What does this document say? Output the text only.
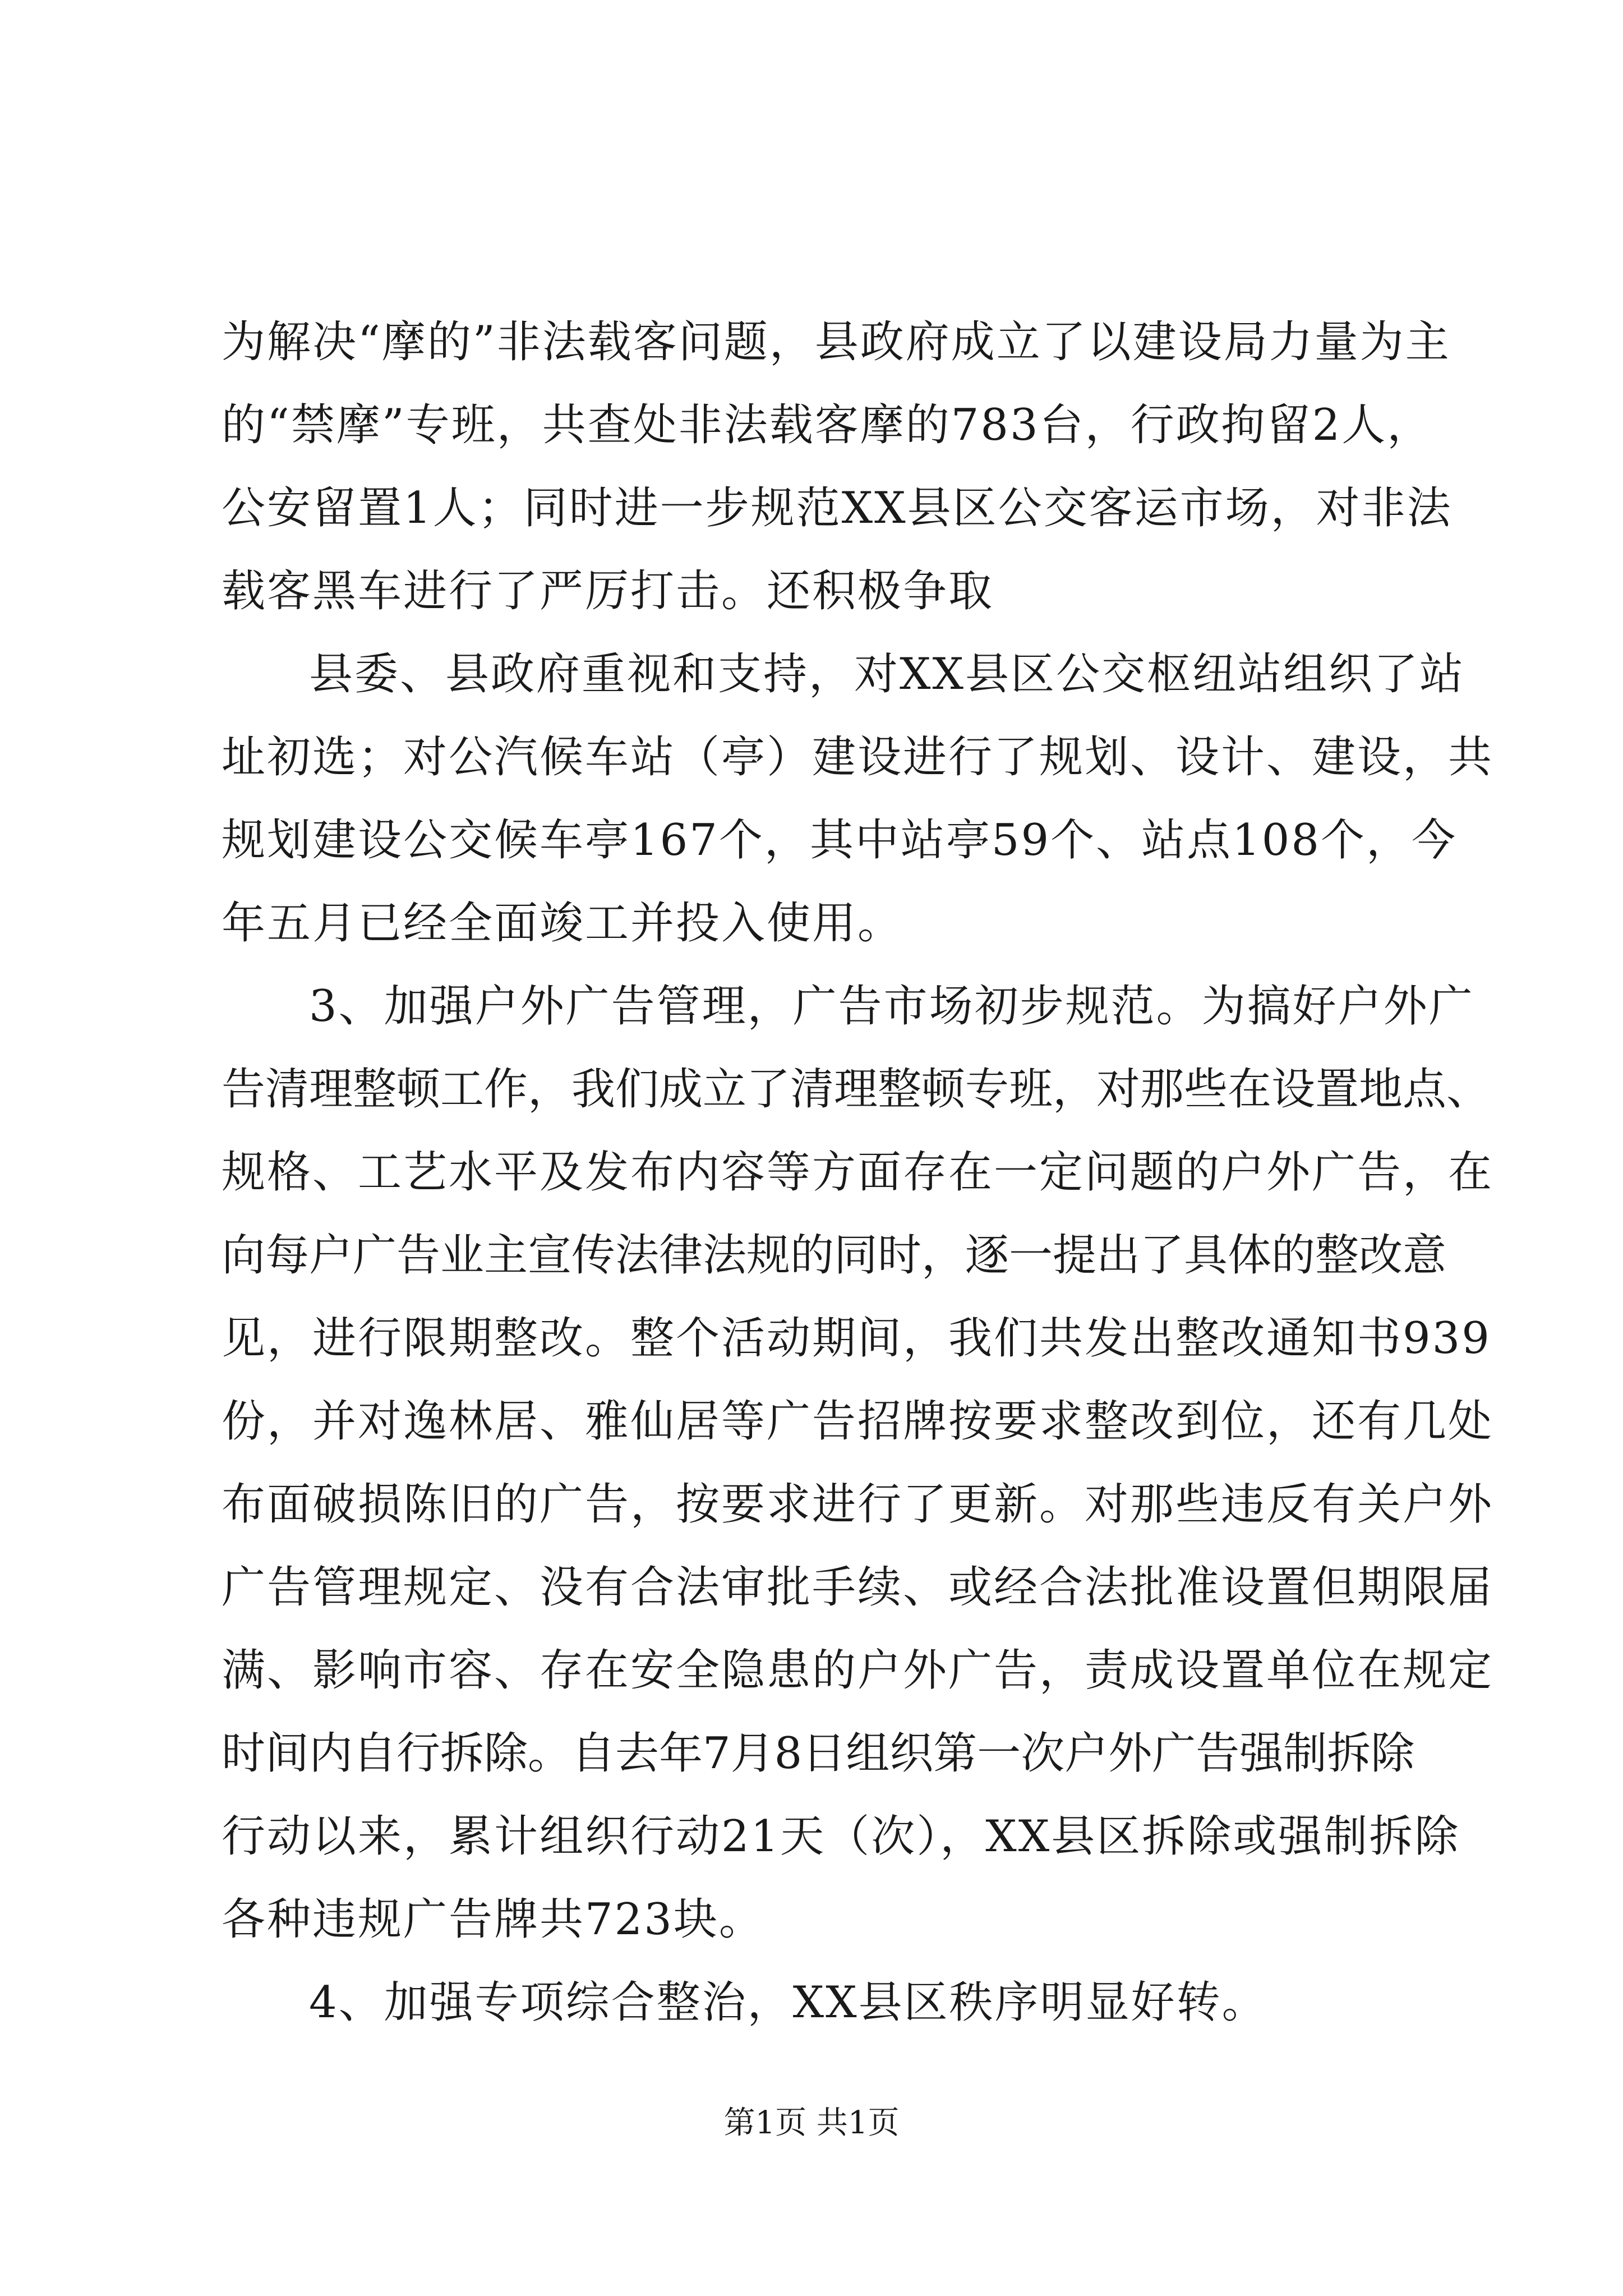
为解决“摩的”非法载客问题，县政府成立了以建设局力量为主
的“禁摩”专班，共查处非法载客摩的783台，行政拘留2人，
公安留置1人；同时进一步规范XX县区公交客运市场，对非法
载客黑车进行了严厉打击。还积极争取
县委、县政府重视和支持，对XX县区公交枢纽站组织了站
址初选；对公汽候车站（亭）建设进行了规划、设计、建设，共
规划建设公交候车亭167个，其中站亭59个、站点108个，今
年五月已经全面竣工并投入使用。
3、加强户外广告管理，广告市场初步规范。为搞好户外广
告清理整顿工作，我们成立了清理整顿专班，对那些在设置地点、
规格、工艺水平及发布内容等方面存在一定问题的户外广告，在
向每户广告业主宣传法律法规的同时，逐一提出了具体的整改意
见，进行限期整改。整个活动期间，我们共发出整改通知书939
份，并对逸林居、雅仙居等广告招牌按要求整改到位，还有几处
布面破损陈旧的广告，按要求进行了更新。对那些违反有关户外
广告管理规定、没有合法审批手续、或经合法批准设置但期限届
满、影响市容、存在安全隐患的户外广告，责成设置单位在规定
时间内自行拆除。自去年7月8日组织第一次户外广告强制拆除
行动以来，累计组织行动21天（次），XX县区拆除或强制拆除
各种违规广告牌共723块。
4、加强专项综合整治，XX县区秩序明显好转。
第1页 共1页
